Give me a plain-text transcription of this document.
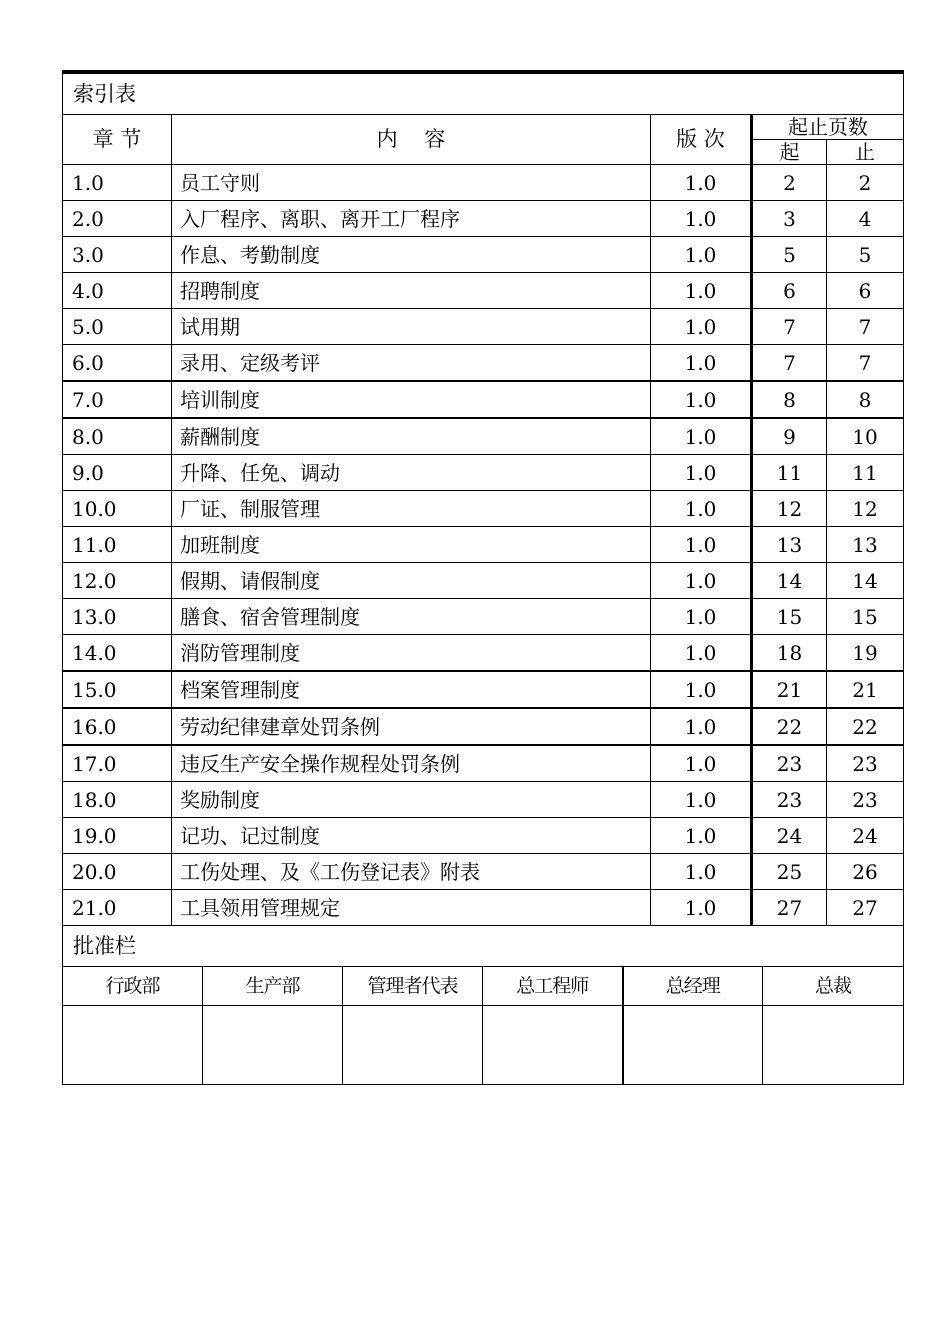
索引表				
章 节	内    容	版 次	起止页数	
			起	止
1.0	员工守则	1.0	2	2
2.0	入厂程序、离职、离开工厂程序	1.0	3	4
3.0	作息、考勤制度	1.0	5	5
4.0	招聘制度	1.0	6	6
5.0	试用期	1.0	7	7
6.0	录用、定级考评	1.0	7	7
7.0	培训制度	1.0	8	8
8.0	薪酬制度	1.0	9	10
9.0	升降、任免、调动	1.0	11	11
10.0	厂证、制服管理	1.0	12	12
11.0	加班制度	1.0	13	13
12.0	假期、请假制度	1.0	14	14
13.0	膳食、宿舍管理制度	1.0	15	15
14.0	消防管理制度	1.0	18	19
15.0	档案管理制度	1.0	21	21
16.0	劳动纪律建章处罚条例	1.0	22	22
17.0	违反生产安全操作规程处罚条例	1.0	23	23
18.0	奖励制度	1.0	23	23
19.0	记功、记过制度	1.0	24	24
20.0	工伤处理、及《工伤登记表》附表	1.0	25	26
21.0	工具领用管理规定	1.0	27	27
批准栏					
行政部	生产部	管理者代表	总工程师	总经理	总裁
